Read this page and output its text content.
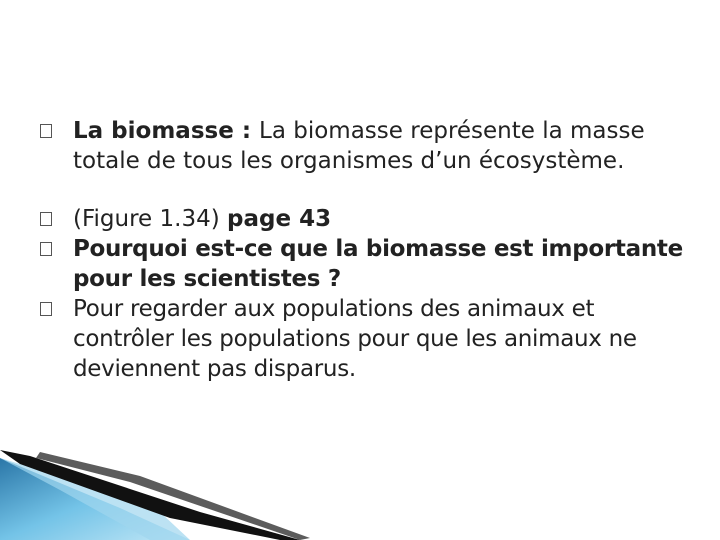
La biomasse : La biomasse représente la masse totale de tous les organismes d’un écosystème.

(Figure 1.34) page 43

Pourquoi est-ce que la biomasse est importante pour les scientistes ?

Pour regarder aux populations des animaux et contrôler les populations pour que les animaux ne deviennent pas disparus.
